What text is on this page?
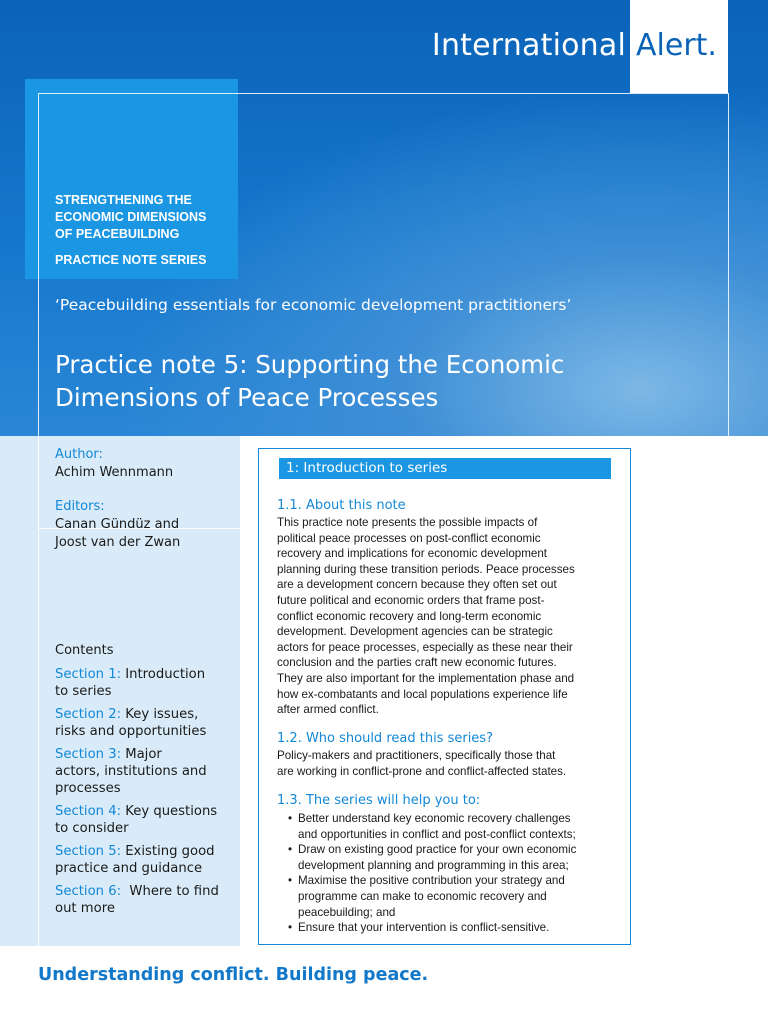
International Alert.
STRENGTHENING THE
ECONOMIC DIMENSIONS
OF PEACEBUILDING
PRACTICE NOTE SERIES
‘Peacebuilding essentials for economic development practitioners’
Practice note 5: Supporting the Economic
Dimensions of Peace Processes
Author:
Achim Wennmann
Editors:
Canan Gündüz and
Joost van der Zwan
Contents
Section 1: Introduction
to series
Section 2: Key issues,
risks and opportunities
Section 3: Major
actors, institutions and
processes
Section 4: Key questions
to consider
Section 5: Existing good
practice and guidance
Section 6:  Where to find
out more
1: Introduction to series
1.1. About this note
This practice note presents the possible impacts of
political peace processes on post-conflict economic
recovery and implications for economic development
planning during these transition periods. Peace processes
are a development concern because they often set out
future political and economic orders that frame post-
conflict economic recovery and long-term economic
development. Development agencies can be strategic
actors for peace processes, especially as these near their
conclusion and the parties craft new economic futures.
They are also important for the implementation phase and
how ex-combatants and local populations experience life
after armed conflict.
1.2. Who should read this series?
Policy-makers and practitioners, specifically those that
are working in conflict-prone and conflict-affected states.
1.3. The series will help you to:
• Better understand key economic recovery challenges
and opportunities in conflict and post-conflict contexts;
• Draw on existing good practice for your own economic
development planning and programming in this area;
• Maximise the positive contribution your strategy and
programme can make to economic recovery and
peacebuilding; and
• Ensure that your intervention is conflict-sensitive.
Understanding conflict. Building peace.
